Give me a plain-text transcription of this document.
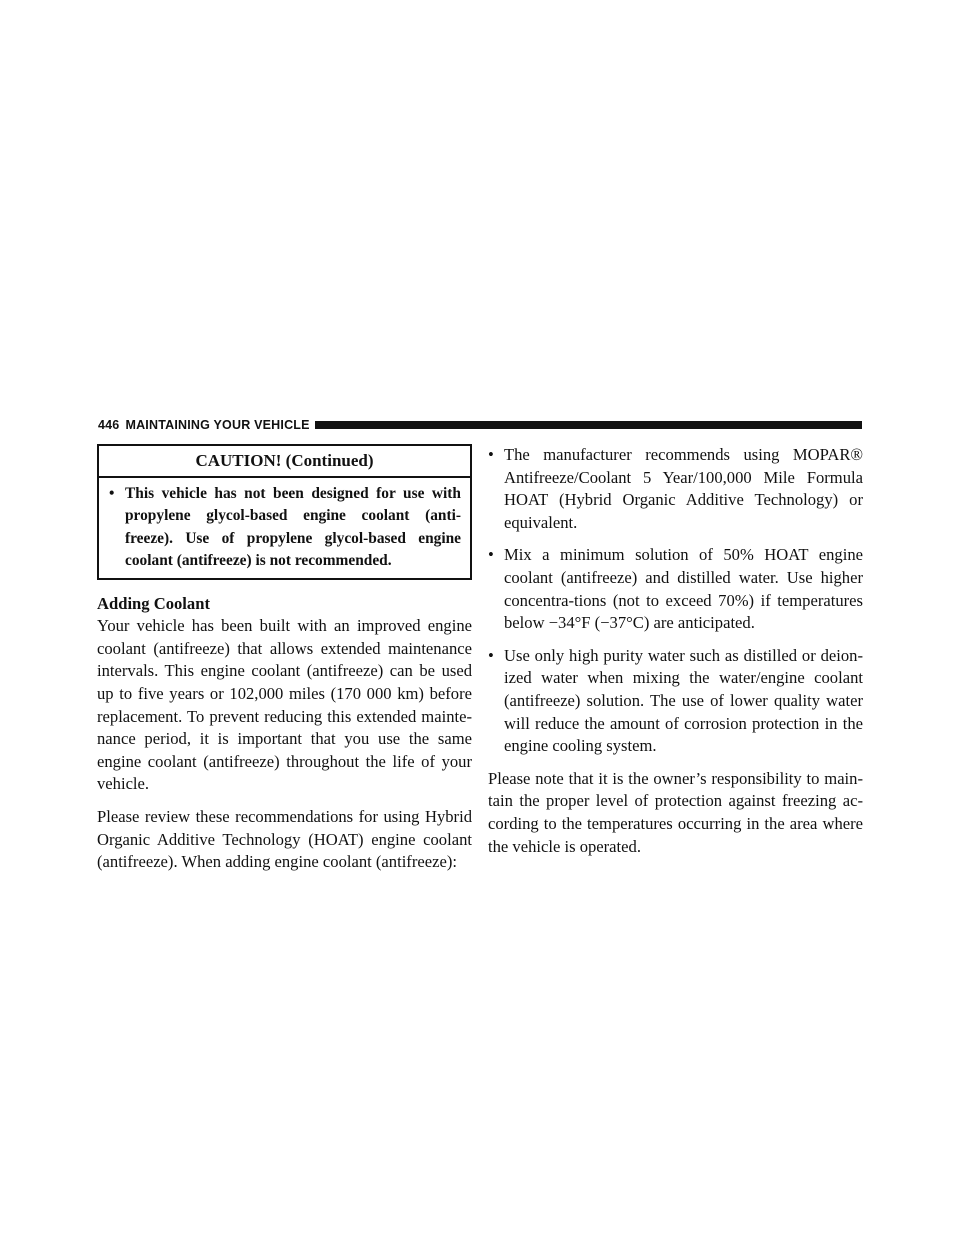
446 MAINTAINING YOUR VEHICLE
CAUTION! (Continued)
• This vehicle has not been designed for use with propylene glycol-based engine coolant (anti-freeze). Use of propylene glycol-based engine coolant (antifreeze) is not recommended.
Adding Coolant

Your vehicle has been built with an improved engine coolant (antifreeze) that allows extended maintenance intervals. This engine coolant (antifreeze) can be used up to five years or 102,000 miles (170 000 km) before replacement. To prevent reducing this extended mainte-nance period, it is important that you use the same engine coolant (antifreeze) throughout the life of your vehicle.

Please review these recommendations for using Hybrid Organic Additive Technology (HOAT) engine coolant (antifreeze). When adding engine coolant (antifreeze):

• The manufacturer recommends using MOPAR® Antifreeze/Coolant 5 Year/100,000 Mile Formula HOAT (Hybrid Organic Additive Technology) or equivalent.
• Mix a minimum solution of 50% HOAT engine coolant (antifreeze) and distilled water. Use higher concentra-tions (not to exceed 70%) if temperatures below −34°F (−37°C) are anticipated.
• Use only high purity water such as distilled or deion-ized water when mixing the water/engine coolant (antifreeze) solution. The use of lower quality water will reduce the amount of corrosion protection in the engine cooling system.

Please note that it is the owner’s responsibility to main-tain the proper level of protection against freezing ac-cording to the temperatures occurring in the area where the vehicle is operated.
